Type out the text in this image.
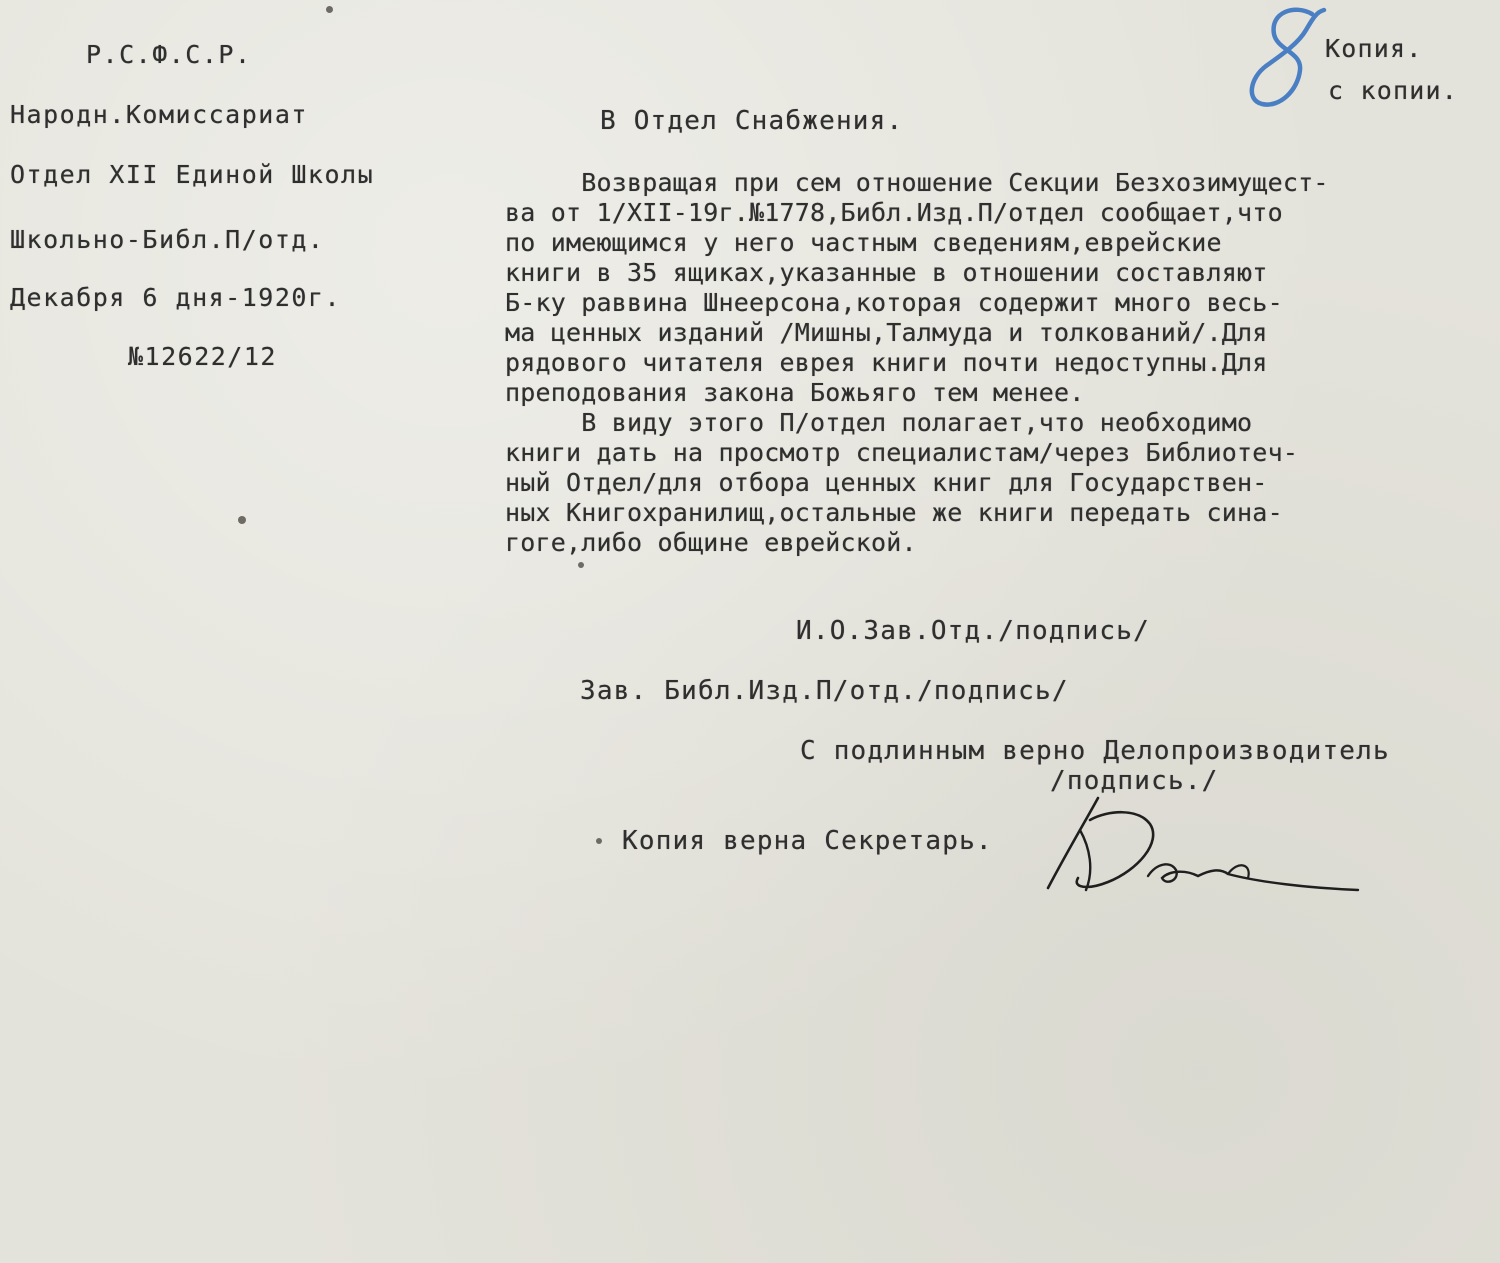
Р.С.Ф.С.Р.
Народн.Комиссариат
Отдел XII Единой Школы
Школьно-Библ.П/отд.
Декабря 6 дня-1920г.
№12622/12
Копия.
с копии.
В Отдел Снабжения.
Возвращая при сем отношение Секции Безхозимущест-
ва от 1/XII-19г.№1778,Библ.Изд.П/отдел сообщает,что
по имеющимся у него частным сведениям,еврейские
книги в 35 ящиках,указанные в отношении составляют
Б-ку раввина Шнеерсона,которая содержит много весь-
ма ценных изданий /Мишны,Талмуда и толкований/.Для
рядового читателя еврея книги почти недоступны.Для
преподования закона Божьяго тем менее.
В виду этого П/отдел полагает,что необходимо
книги дать на просмотр специалистам/через Библиотеч-
ный Отдел/для отбора ценных книг для Государствен-
ных Книгохранилищ,остальные же книги передать сина-
гоге,либо общине еврейской.
И.О.Зав.Отд./подпись/
Зав. Библ.Изд.П/отд./подпись/
С подлинным верно Делопроизводитель
/подпись./
Копия верна Секретарь.
